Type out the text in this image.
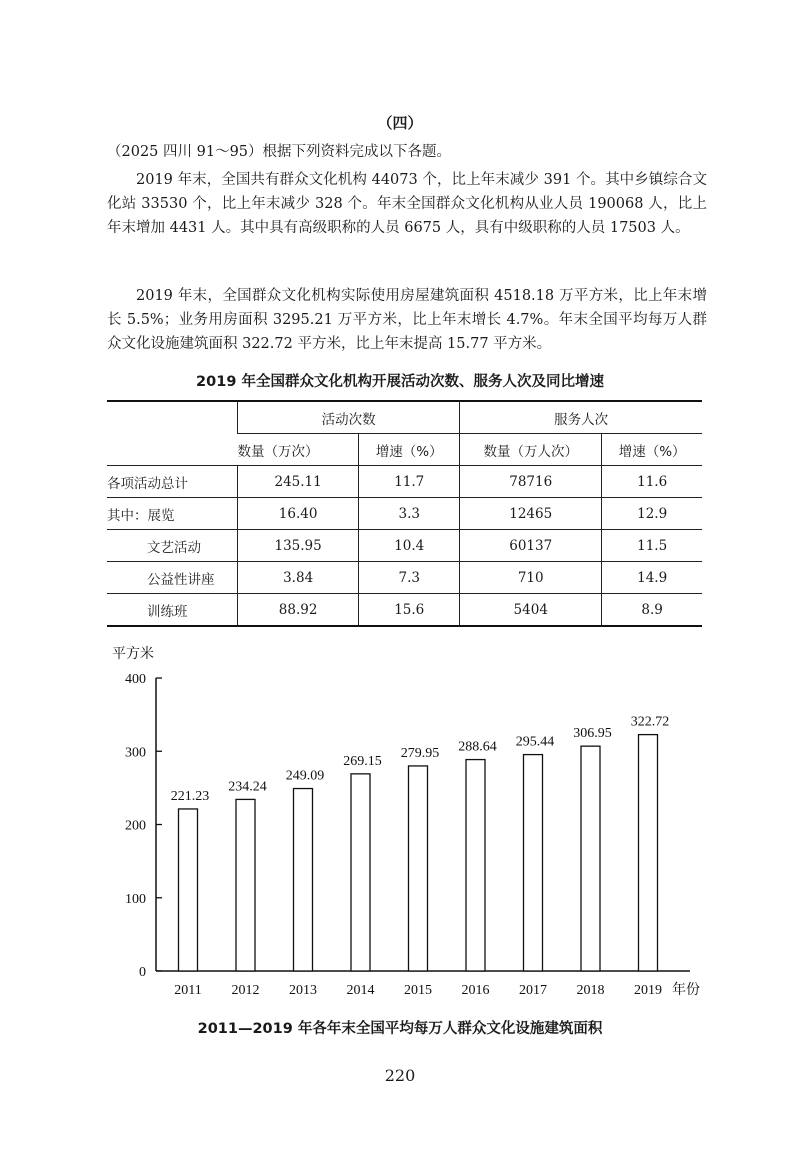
（四）

（2025 四川 91～95）根据下列资料完成以下各题。

2019 年末，全国共有群众文化机构 44073 个，比上年末减少 391 个。其中乡镇综合文化站 33530 个，比上年末减少 328 个。年末全国群众文化机构从业人员 190068 人，比上年末增加 4431 人。其中具有高级职称的人员 6675 人，具有中级职称的人员 17503 人。

2019 年末，全国群众文化机构实际使用房屋建筑面积 4518.18 万平方米，比上年末增长 5.5%；业务用房面积 3295.21 万平方米，比上年末增长 4.7%。年末全国平均每万人群众文化设施建筑面积 322.72 平方米，比上年末提高 15.77 平方米。

2019 年全国群众文化机构开展活动次数、服务人次及同比增速
	活动次数		服务人次	
	数量（万次）	增速（%）	数量（万人次）	增速（%）
各项活动总计	245.11	11.7	78716	11.6
其中：展览	16.40	3.3	12465	12.9
文艺活动	135.95	10.4	60137	11.5
公益性讲座	3.84	7.3	710	14.9
训练班	88.92	15.6	5404	8.9
平方米
0
100
200
300
400
221.23
2011
234.24
2012
249.09
2013
269.15
2014
279.95
2015
288.64
2016
295.44
2017
306.95
2018
322.72
2019 年份
2011—2019 年各年末全国平均每万人群众文化设施建筑面积
220
